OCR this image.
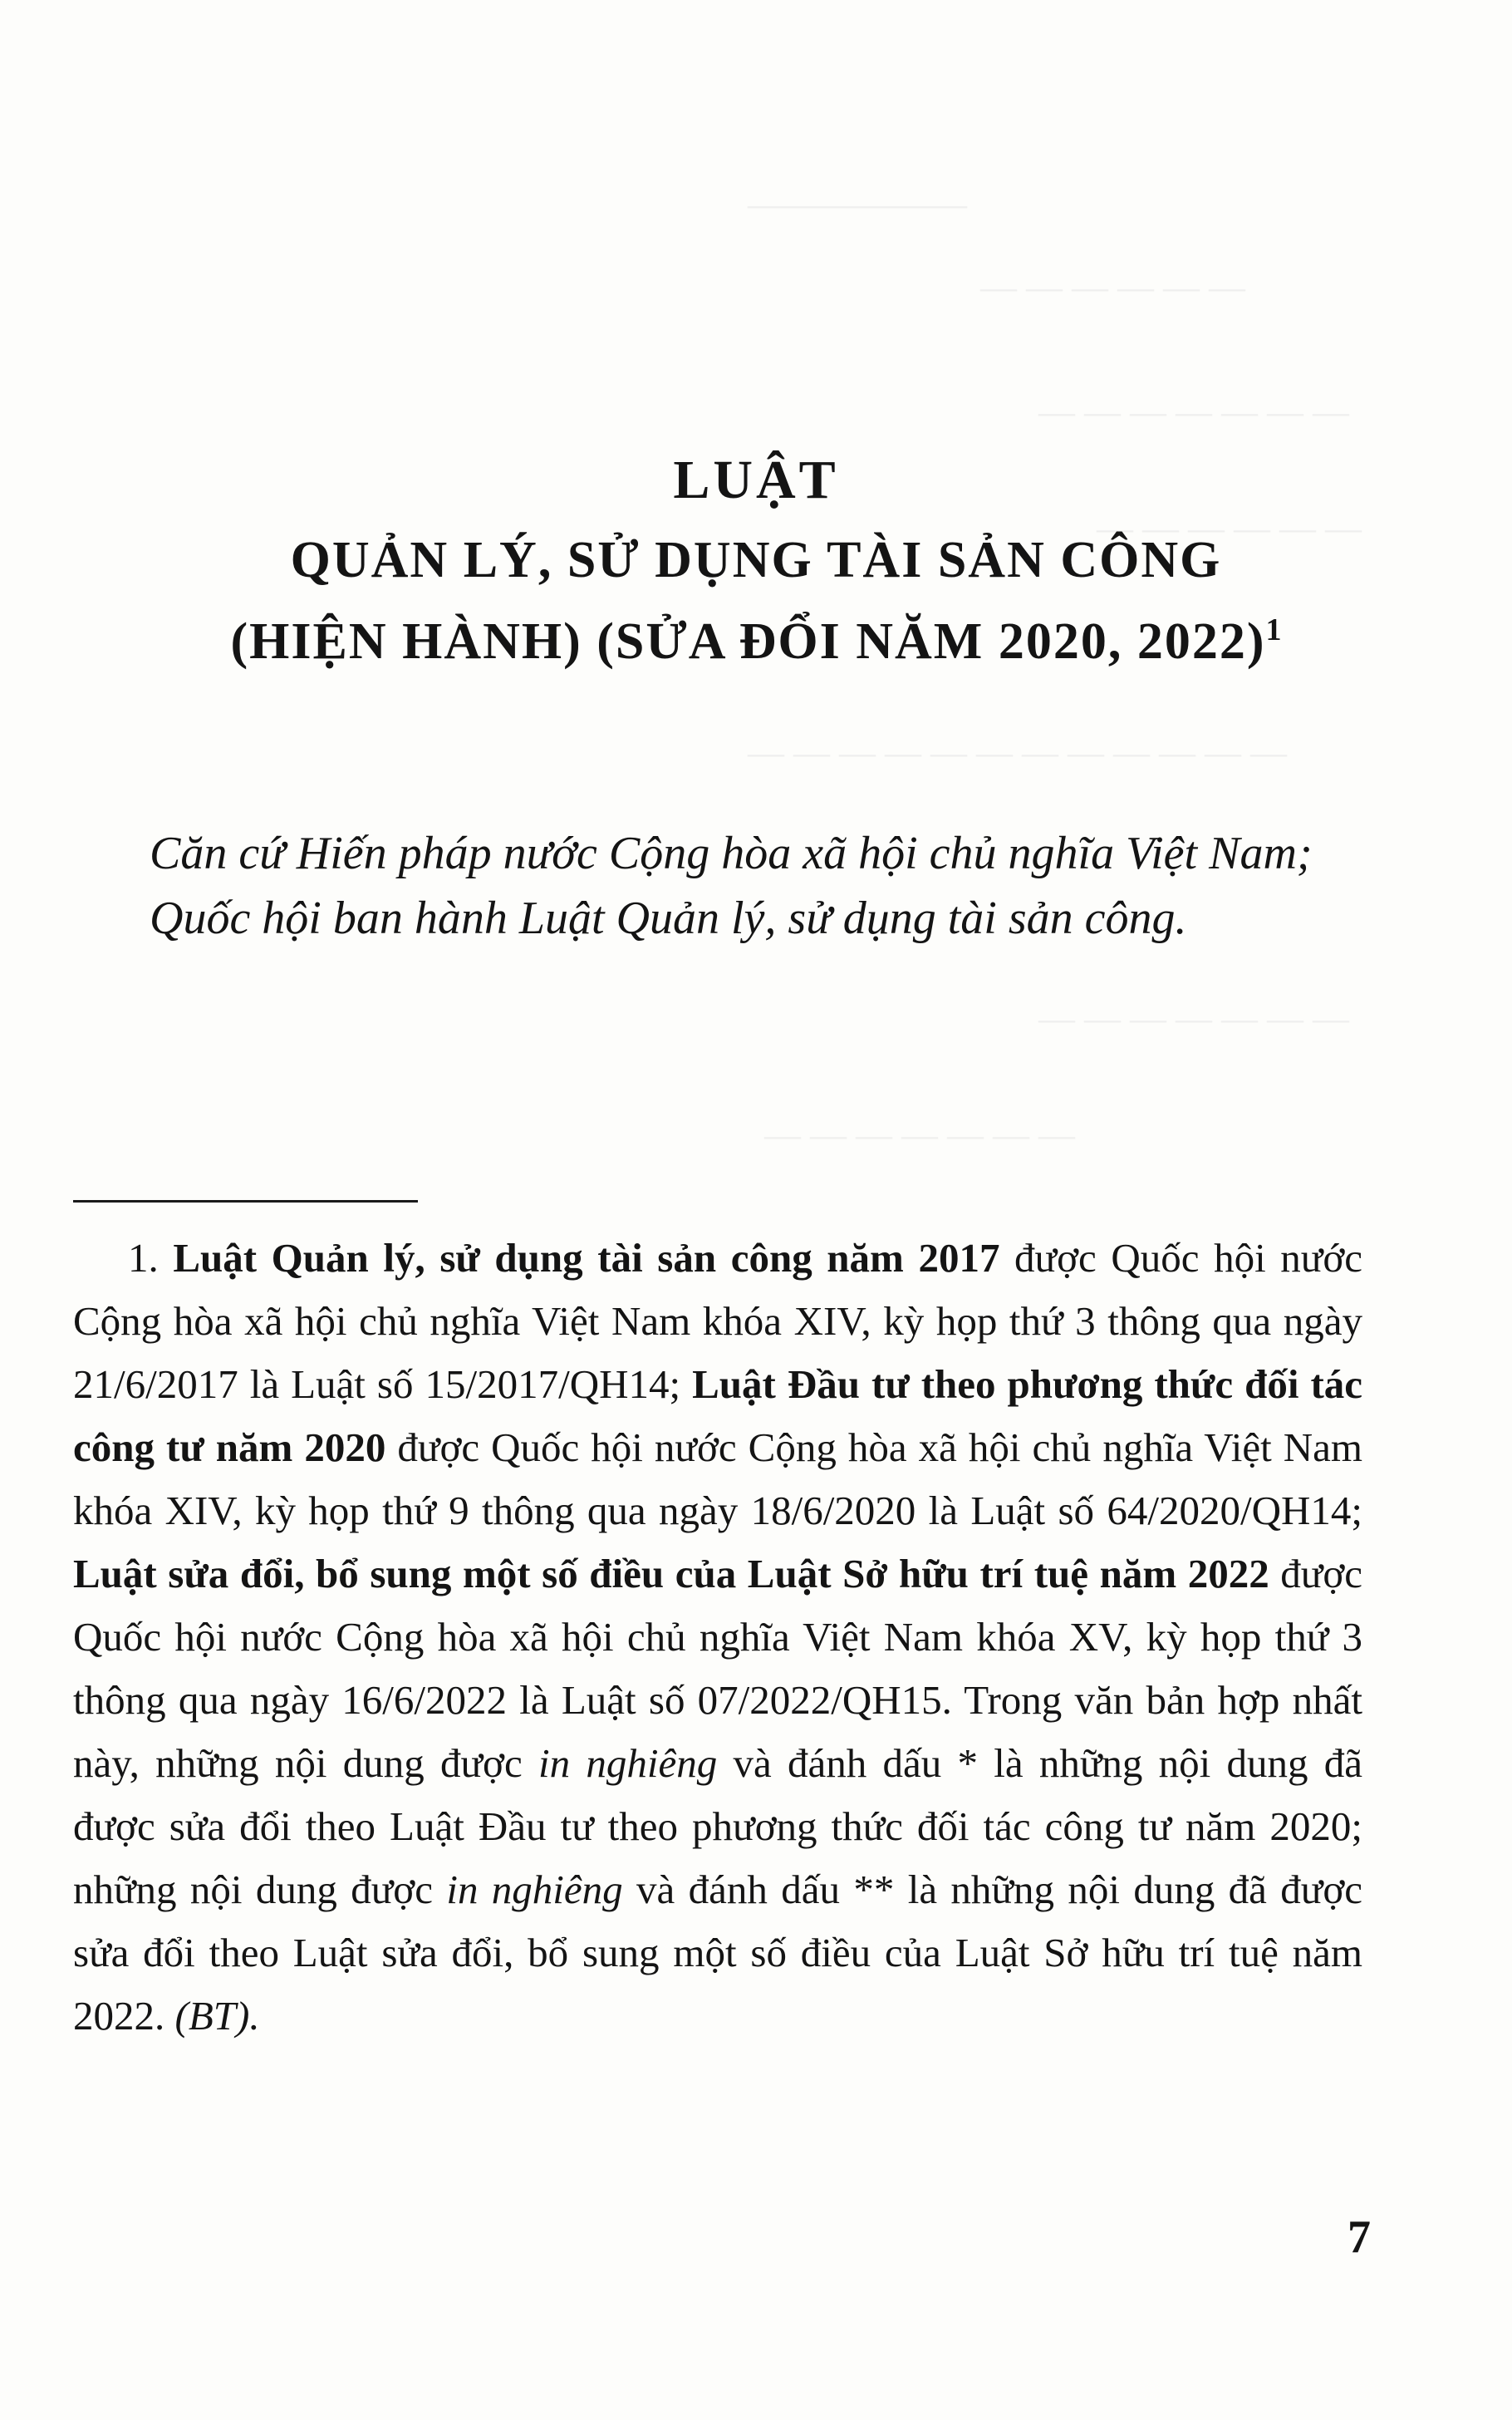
——————
— — — — — —
— — — — — — —
— — — — — —
— — — — — — — — — — — —
— — — — — — —
— — — — — — —
LUẬT
QUẢN LÝ, SỬ DỤNG TÀI SẢN CÔNG
(HIỆN HÀNH) (SỬA ĐỔI NĂM 2020, 2022)$^1$

Căn cứ Hiến pháp nước Cộng hòa xã hội chủ nghĩa Việt Nam;

Quốc hội ban hành Luật Quản lý, sử dụng tài sản công.

1. Luật Quản lý, sử dụng tài sản công năm 2017 được Quốc hội nước Cộng hòa xã hội chủ nghĩa Việt Nam khóa XIV, kỳ họp thứ 3 thông qua ngày 21/6/2017 là Luật số 15/2017/QH14; Luật Đầu tư theo phương thức đối tác công tư năm 2020 được Quốc hội nước Cộng hòa xã hội chủ nghĩa Việt Nam khóa XIV, kỳ họp thứ 9 thông qua ngày 18/6/2020 là Luật số 64/2020/QH14; Luật sửa đổi, bổ sung một số điều của Luật Sở hữu trí tuệ năm 2022 được Quốc hội nước Cộng hòa xã hội chủ nghĩa Việt Nam khóa XV, kỳ họp thứ 3 thông qua ngày 16/6/2022 là Luật số 07/2022/QH15. Trong văn bản hợp nhất này, những nội dung được in nghiêng và đánh dấu * là những nội dung đã được sửa đổi theo Luật Đầu tư theo phương thức đối tác công tư năm 2020; những nội dung được in nghiêng và đánh dấu ** là những nội dung đã được sửa đổi theo Luật sửa đổi, bổ sung một số điều của Luật Sở hữu trí tuệ năm 2022. (BT).

7
